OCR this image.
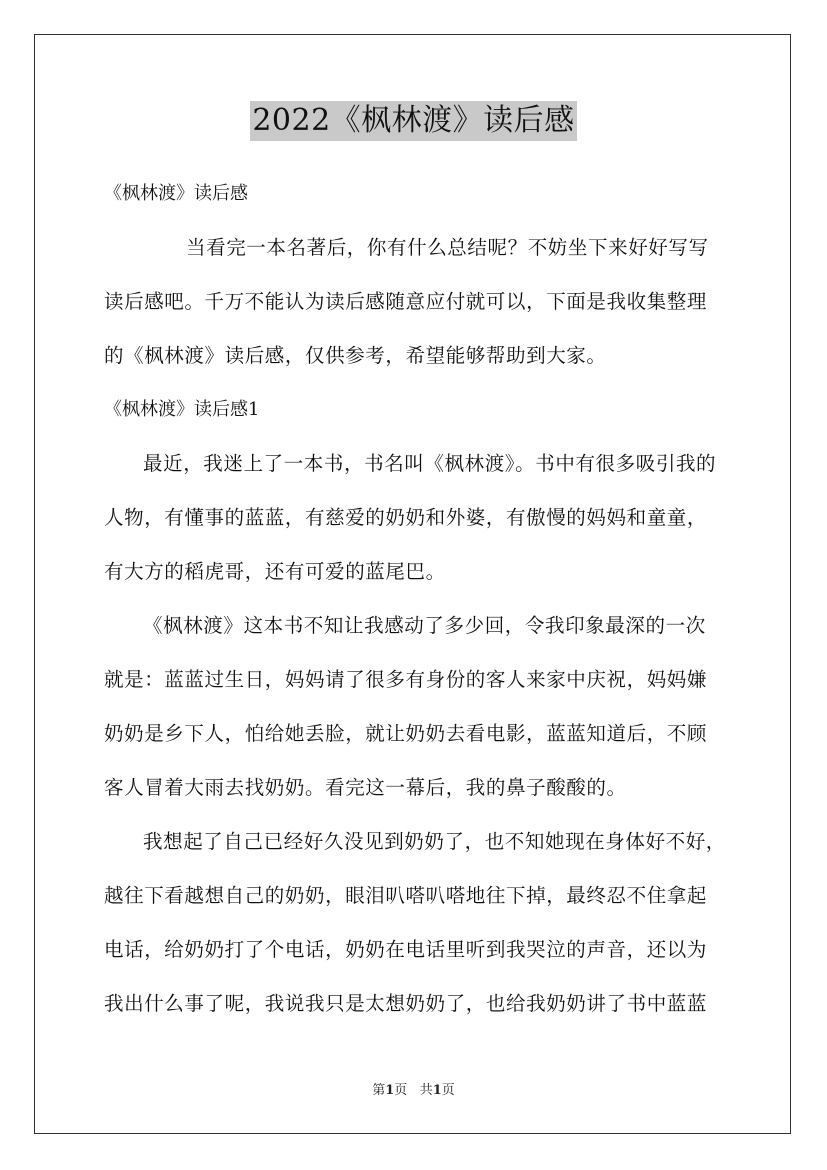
2022《枫林渡》读后感
《枫林渡》读后感
当看完一本名著后，你有什么总结呢？不妨坐下来好好写写
读后感吧。千万不能认为读后感随意应付就可以，下面是我收集整理
的《枫林渡》读后感，仅供参考，希望能够帮助到大家。
《枫林渡》读后感1
最近，我迷上了一本书，书名叫《枫林渡》。书中有很多吸引我的
人物，有懂事的蓝蓝，有慈爱的奶奶和外婆，有傲慢的妈妈和童童，
有大方的稻虎哥，还有可爱的蓝尾巴。
《枫林渡》这本书不知让我感动了多少回，令我印象最深的一次
就是：蓝蓝过生日，妈妈请了很多有身份的客人来家中庆祝，妈妈嫌
奶奶是乡下人，怕给她丢脸，就让奶奶去看电影，蓝蓝知道后，不顾
客人冒着大雨去找奶奶。看完这一幕后，我的鼻子酸酸的。
我想起了自己已经好久没见到奶奶了，也不知她现在身体好不好，
越往下看越想自己的奶奶，眼泪叭嗒叭嗒地往下掉，最终忍不住拿起
电话，给奶奶打了个电话，奶奶在电话里听到我哭泣的声音，还以为
我出什么事了呢，我说我只是太想奶奶了，也给我奶奶讲了书中蓝蓝
第1页 共1页
